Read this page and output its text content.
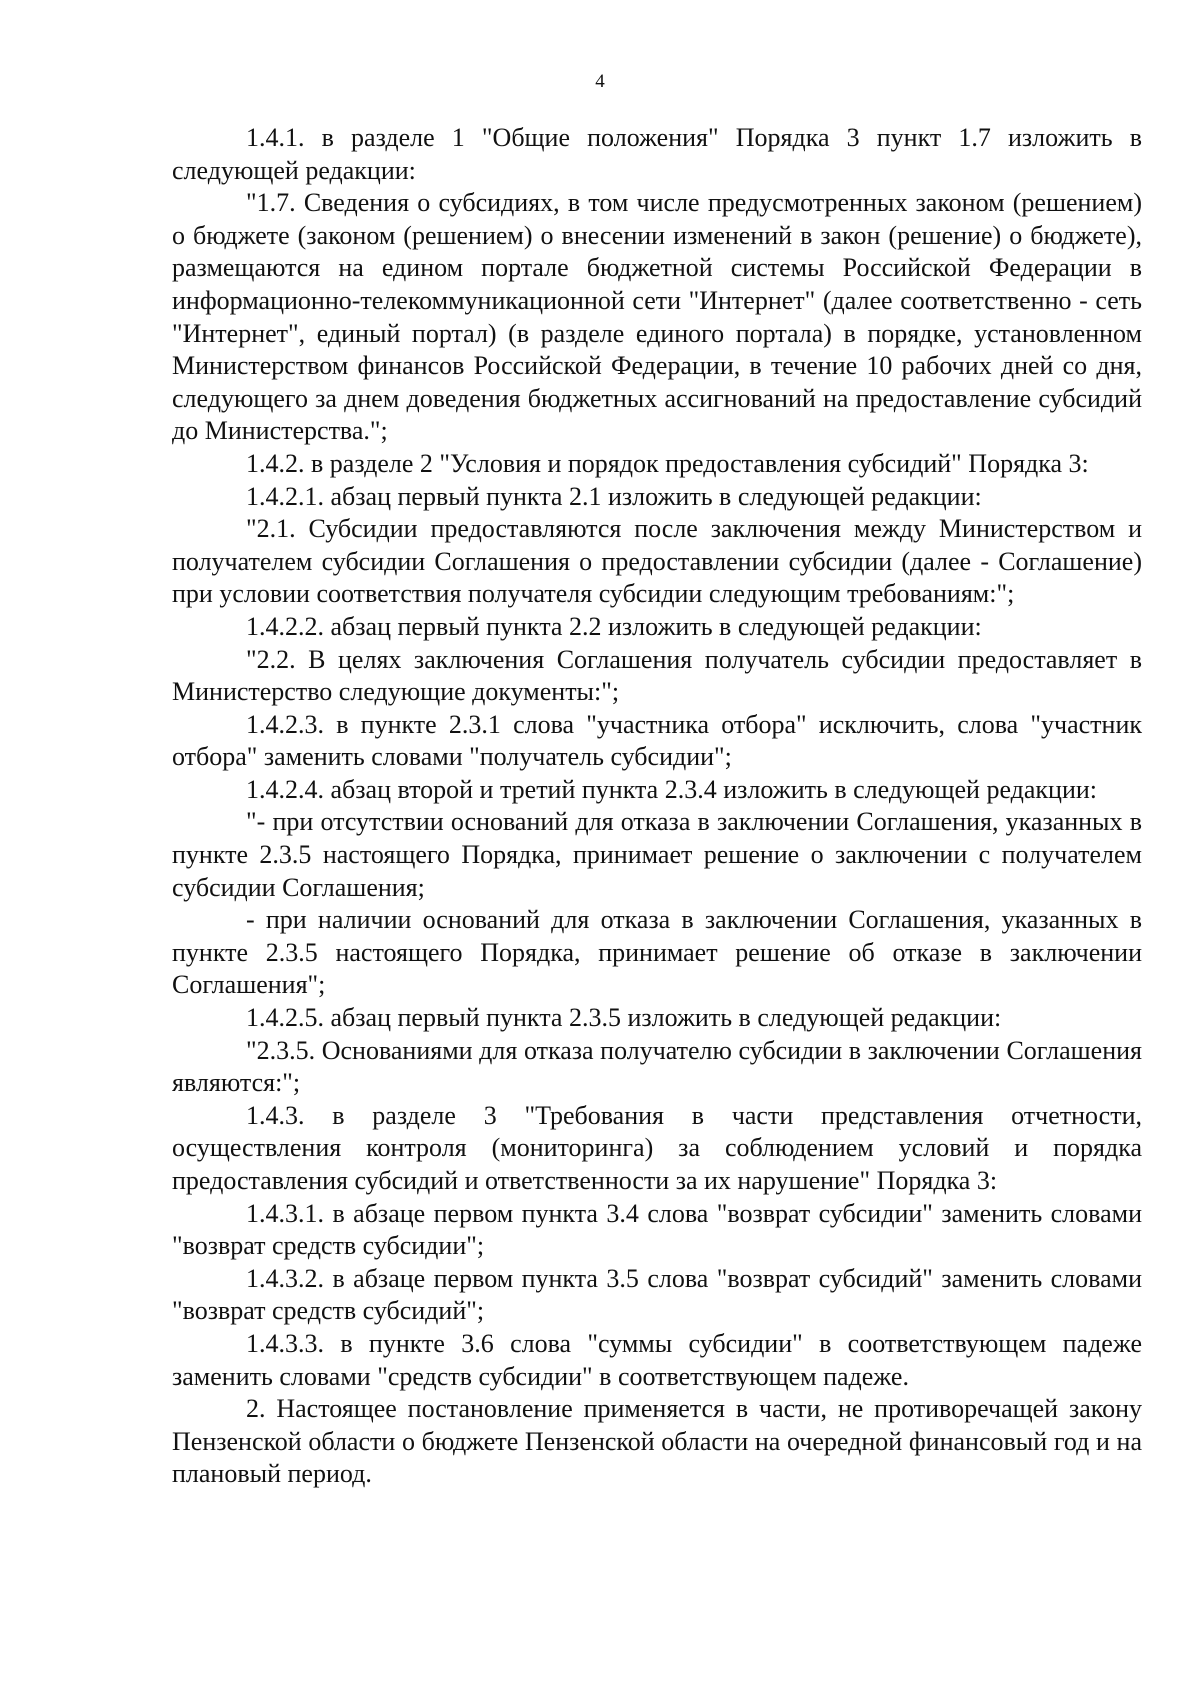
4

1.4.1. в разделе 1 "Общие положения" Порядка 3 пункт 1.7 изложить в следующей редакции:

"1.7. Сведения о субсидиях, в том числе предусмотренных законом (решением) о бюджете (законом (решением) о внесении изменений в закон (решение) о бюджете), размещаются на едином портале бюджетной системы Российской Федерации в информационно-телекоммуникационной сети "Интернет" (далее соответственно - сеть "Интернет", единый портал) (в разделе единого портала) в порядке, установленном Министерством финансов Российской Федерации, в течение 10 рабочих дней со дня, следующего за днем доведения бюджетных ассигнований на предоставление субсидий до Министерства.";

1.4.2. в разделе 2 "Условия и порядок предоставления субсидий" Порядка 3:

1.4.2.1. абзац первый пункта 2.1 изложить в следующей редакции:

"2.1. Субсидии предоставляются после заключения между Министерством и получателем субсидии Соглашения о предоставлении субсидии (далее - Соглашение) при условии соответствия получателя субсидии следующим требованиям:";

1.4.2.2. абзац первый пункта 2.2 изложить в следующей редакции:

"2.2. В целях заключения Соглашения получатель субсидии предоставляет в Министерство следующие документы:";

1.4.2.3. в пункте 2.3.1 слова "участника отбора" исключить, слова "участник отбора" заменить словами "получатель субсидии";

1.4.2.4. абзац второй и третий пункта 2.3.4 изложить в следующей редакции:

"- при отсутствии оснований для отказа в заключении Соглашения, указанных в пункте 2.3.5 настоящего Порядка, принимает решение о заключении с получателем субсидии Соглашения;

- при наличии оснований для отказа в заключении Соглашения, указанных в пункте 2.3.5 настоящего Порядка, принимает решение об отказе в заключении Соглашения";

1.4.2.5. абзац первый пункта 2.3.5 изложить в следующей редакции:

"2.3.5. Основаниями для отказа получателю субсидии в заключении Соглашения являются:";

1.4.3. в разделе 3 "Требования в части представления отчетности, осуществления контроля (мониторинга) за соблюдением условий и порядка предоставления субсидий и ответственности за их нарушение" Порядка 3:

1.4.3.1. в абзаце первом пункта 3.4 слова "возврат субсидии" заменить словами "возврат средств субсидии";

1.4.3.2. в абзаце первом пункта 3.5 слова "возврат субсидий" заменить словами "возврат средств субсидий";

1.4.3.3. в пункте 3.6 слова "суммы субсидии" в соответствующем падеже заменить словами "средств субсидии" в соответствующем падеже.

2. Настоящее постановление применяется в части, не противоречащей закону Пензенской области о бюджете Пензенской области на очередной финансовый год и на плановый период.
